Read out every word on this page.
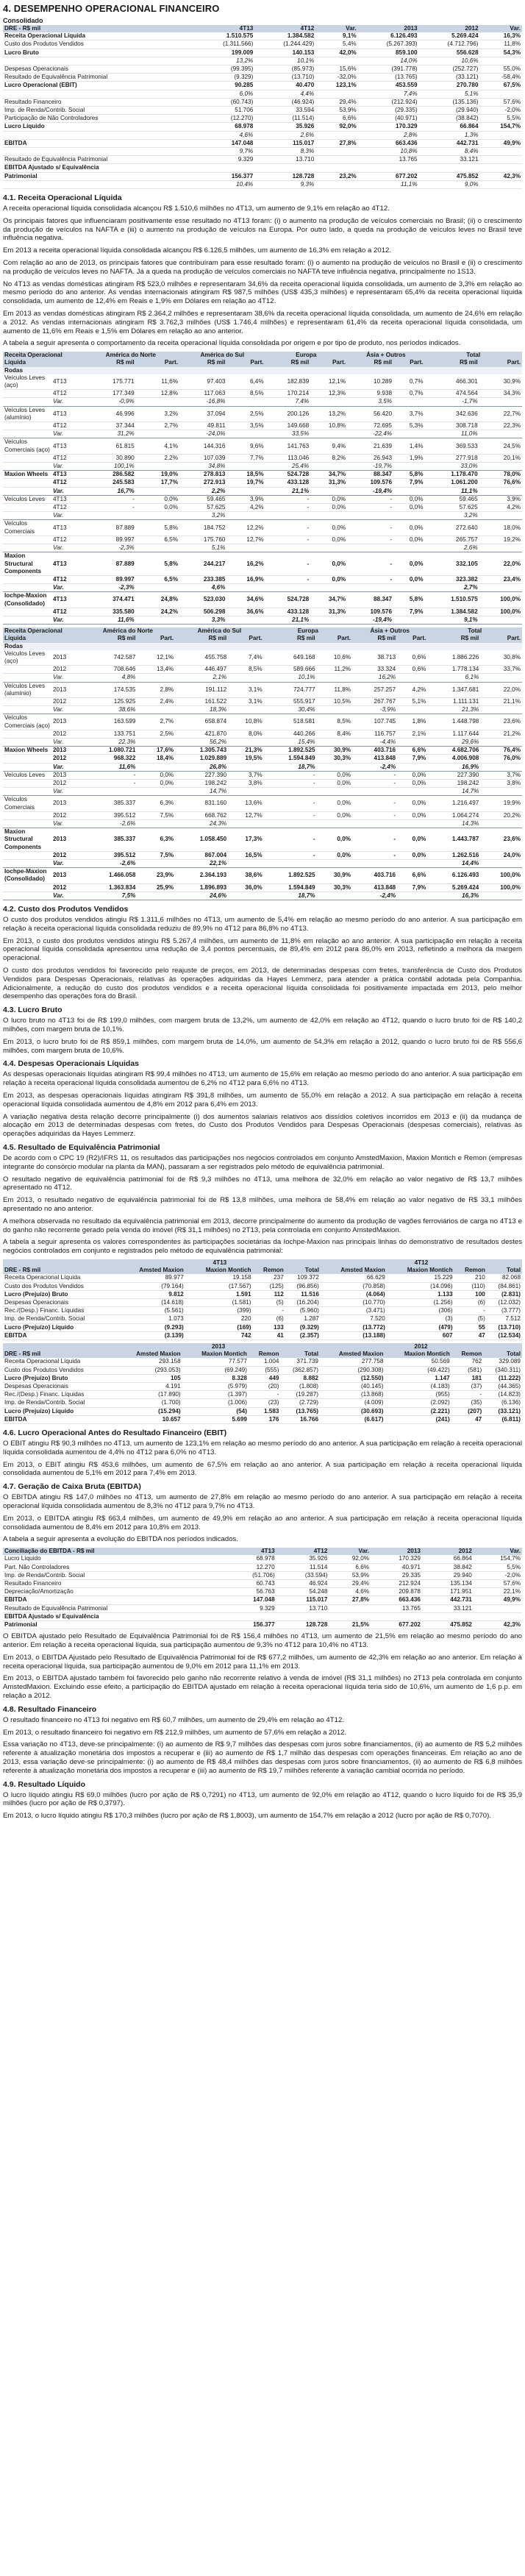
4. DESEMPENHO OPERACIONAL FINANCEIRO
Consolidado
DRE - R$ mil	4T13	4T12	Var.	2013	2012	Var.
Receita Operacional Líquida	1.510.575	1.384.582	9,1%	6.126.493	5.269.424	16,3%
Custo dos Produtos Vendidos	(1.311.566)	(1.244.429)	5,4%	(5.267.393)	(4.712.796)	11,8%
Lucro Bruto	199.009	140.153	42,0%	859.100	556.628	54,3%
	13,2%	10,1%		14,0%	10,6%	
Despesas Operacionais	(99.395)	(85.973)	15,6%	(391.778)	(252.727)	55,0%
Resultado de Equivalência Patrimonial	(9.329)	(13.710)	-32,0%	(13.765)	(33.121)	-58,4%
Lucro Operacional (EBIT)	90.285	40.470	123,1%	453.559	270.780	67,5%
	6,0%	4,4%		7,4%	5,1%	
Resultado Financeiro	(60.743)	(46.924)	29,4%	(212.924)	(135.136)	57,6%
Imp. de Renda/Contrib. Social	51.706	33.594	53,9%	(29.335)	(29.940)	-2,0%
Participação de Não Controladores	(12.270)	(11.514)	6,6%	(40.971)	(38.842)	5,5%
Lucro Líquido	68.978	35.926	92,0%	170.329	66.864	154,7%
	4,6%	2,6%		2,8%	1,3%	
EBITDA	147.048	115.017	27,8%	663.436	442.731	49,9%
	9,7%	8,3%		10,8%	8,4%	
Resultado de Equivalência Patrimonial	9.329	13.710		13.765	33.121	
EBITDA Ajustado s/ Equivalência						
Patrimonial	156.377	128.728	23,2%	677.202	475.852	42,3%
	10,4%	9,3%		11,1%	9,0%	
4.1. Receita Operacional Líquida

A receita operacional líquida consolidada alcançou R$ 1.510,6 milhões no 4T13, um aumento de 9,1% em relação ao 4T12.

Os principais fatores que influenciaram positivamente esse resultado no 4T13 foram: (i) o aumento na produção de veículos comerciais no Brasil; (ii) o crescimento da produção de veículos na NAFTA e (iii) o aumento na produção de veículos na Europa. Por outro lado, a queda na produção de veículos leves no Brasil teve influência negativa.

Em 2013 a receita operacional líquida consolidada alcançou R$ 6.126,5 milhões, um aumento de 16,3% em relação a 2012.

Com relação ao ano de 2013, os principais fatores que contribuíram para esse resultado foram: (i) o aumento na produção de veículos no Brasil e (ii) o crescimento na produção de veículos leves no NAFTA. Já a queda na produção de veículos comerciais no NAFTA teve influência negativa, principalmente no 1S13.

No 4T13 as vendas domésticas atingiram R$ 523,0 milhões e representaram 34,6% da receita operacional líquida consolidada, um aumento de 3,3% em relação ao mesmo período do ano anterior. As vendas internacionais atingiram R$ 987,5 milhões (US$ 435,3 milhões) e representaram 65,4% da receita operacional líquida consolidada, um aumento de 12,4% em Reais e 1,9% em Dólares em relação ao 4T12.

Em 2013 as vendas domésticas atingiram R$ 2.364,2 milhões e representaram 38,6% da receita operacional líquida consolidada, um aumento de 24,6% em relação a 2012. As vendas internacionais atingiram R$ 3.762,3 milhões (US$ 1.746,4 milhões) e representaram 61,4% da receita operacional líquida consolidada, um aumento de 11,6% em Reais e 1,5% em Dólares em relação ao ano anterior.

A tabela a seguir apresenta o comportamento da receita operacional líquida consolidada por origem e por tipo de produto, nos períodos indicados.

Receita Operacional		América do Norte		América do Sul		Europa		Ásia + Outros		Total	
Líquida		R$ mil	Part.	R$ mil	Part.	R$ mil	Part.	R$ mil	Part.	R$ mil	Part.
Rodas											
Veículos Leves (aço)	4T13	175.771	11,6%	97.403	6,4%	182.839	12,1%	10.289	0,7%	466.301	30,9%
	4T12	177.349	12,8%	117.063	8,5%	170.214	12,3%	9.938	0,7%	474.564	34,3%
	Var.	-0,9%		-16,8%		7,4%		3,5%		-1,7%	
Veículos Leves (alumínio)	4T13	46.996	3,2%	37.094	2,5%	200.126	13,2%	56.420	3,7%	342.636	22,7%
	4T12	37.344	2,7%	49.811	3,5%	149.668	10,8%	72.695	5,3%	308.718	22,3%
	Var.	31,2%		-24,0%		33,5%		-22,4%		11,0%	
Veículos Comerciais (aço)	4T13	61.815	4,1%	144.316	9,6%	141.763	9,4%	21.639	1,4%	369.533	24,5%
	4T12	30.890	2,2%	107.039	7,7%	113.046	8,2%	26.943	1,9%	277.918	20,1%
	Var.	100,1%		34,8%		25,4%		-19,7%		33,0%	
Maxion Wheels	4T13	286.582	19,0%	278.813	18,5%	524.728	34,7%	88.347	5,8%	1.178.470	78,0%
	4T12	245.583	17,7%	272.913	19,7%	433.128	31,3%	109.576	7,9%	1.061.200	76,6%
	Var.	16,7%		2,2%		21,1%		-19,4%		11,1%	
Veículos Leves	4T13	-	0,0%	59.465	3,9%	-	0,0%	-	0,0%	59.465	3,9%
	4T12	-	0,0%	57.625	4,2%	-	0,0%	-	0,0%	57.625	4,2%
	Var.			3,2%						3,2%	
Veículos Comerciais	4T13	87.889	5,8%	184.752	12,2%	-	0,0%	-	0,0%	272.640	18,0%
	4T12	89.997	6,5%	175.760	12,7%	-	0,0%	-	0,0%	265.757	19,2%
	Var.	-2,3%		5,1%						2,6%	
Maxion Structural Components	4T13	87.889	5,8%	244.217	16,2%	-	0,0%	-	0,0%	332.105	22,0%
	4T12	89.997	6,5%	233.385	16,9%	-	0,0%	-	0,0%	323.382	23,4%
	Var.	-2,3%		4,6%						2,7%	
Iochpe-Maxion (Consolidado)	4T13	374.471	24,8%	523.030	34,6%	524.728	34,7%	88.347	5,8%	1.510.575	100,0%
	4T12	335.580	24,2%	506.298	36,6%	433.128	31,3%	109.576	7,9%	1.384.582	100,0%
	Var.	11,6%		3,3%		21,1%		-19,4%		9,1%	
Receita Operacional		América do Norte		América do Sul		Europa		Ásia + Outros		Total	
Líquida		R$ mil	Part.	R$ mil	Part.	R$ mil	Part.	R$ mil	Part.	R$ mil	Part.
Rodas											
Veículos Leves (aço)	2013	742.587	12,1%	455.758	7,4%	649.168	10,6%	38.713	0,6%	1.886.226	30,8%
	2012	708.646	13,4%	446.497	8,5%	589.666	11,2%	33.324	0,6%	1.778.134	33,7%
	Var.	4,8%		2,1%		10,1%		16,2%		6,1%	
Veículos Leves (alumínio)	2013	174.535	2,8%	191.112	3,1%	724.777	11,8%	257.257	4,2%	1.347.681	22,0%
	2012	125.925	2,4%	161.522	3,1%	555.917	10,5%	267.767	5,1%	1.111.131	21,1%
	Var.	38,6%		18,3%		30,4%		-3,9%		21,3%	
Veículos Comerciais (aço)	2013	163.599	2,7%	658.874	10,8%	518.581	8,5%	107.745	1,8%	1.448.798	23,6%
	2012	133.751	2,5%	421.870	8,0%	440.266	8,4%	116.757	2,1%	1.117.644	21,2%
	Var.	22,3%		56,2%		15,4%		-4,4%		29,6%	
Maxion Wheels	2013	1.080.721	17,6%	1.305.743	21,3%	1.892.525	30,9%	403.716	6,6%	4.682.706	76,4%
	2012	968.322	18,4%	1.029.889	19,5%	1.594.849	30,3%	413.848	7,9%	4.006.908	76,0%
	Var.	11,6%		26,8%		18,7%		-2,4%		16,9%	
Veículos Leves	2013	-	0,0%	227.390	3,7%	-	0,0%	-	0,0%	227.390	3,7%
	2012	-	0,0%	198.242	3,8%	-	0,0%	-	0,0%	198.242	3,8%
	Var.			14,7%						14,7%	
Veículos Comerciais	2013	385.337	6,3%	831.160	13,6%	-	0,0%	-	0,0%	1.216.497	19,9%
	2012	395.512	7,5%	668.762	12,7%	-	0,0%	-	0,0%	1.064.274	20,2%
	Var.	-2,6%		24,3%						14,3%	
Maxion Structural Components	2013	385.337	6,3%	1.058.450	17,3%	-	0,0%	-	0,0%	1.443.787	23,6%
	2012	395.512	7,5%	867.004	16,5%	-	0,0%	-	0,0%	1.262.516	24,0%
	Var.	-2,6%		22,1%						14,4%	
Iochpe-Maxion (Consolidado)	2013	1.466.058	23,9%	2.364.193	38,6%	1.892.525	30,9%	403.716	6,6%	6.126.493	100,0%
	2012	1.363.834	25,9%	1.896.893	36,0%	1.594.849	30,3%	413.848	7,9%	5.269.424	100,0%
	Var.	7,5%		24,6%		18,7%		-2,4%		16,3%	
4.2. Custo dos Produtos Vendidos

O custo dos produtos vendidos atingiu R$ 1.311,6 milhões no 4T13, um aumento de 5,4% em relação ao mesmo período do ano anterior. A sua participação em relação à receita operacional líquida consolidada reduziu de 89,9% no 4T12 para 86,8% no 4T13.

Em 2013, o custo dos produtos vendidos atingiu R$ 5.267,4 milhões, um aumento de 11,8% em relação ao ano anterior. A sua participação em relação à receita operacional líquida consolidada apresentou uma redução de 3,4 pontos percentuais, de 89,4% em 2012 para 86,0% em 2013, refletindo a melhora da margem operacional.

O custo dos produtos vendidos foi favorecido pelo reajuste de preços, em 2013, de determinadas despesas com fretes, transferência de Custo dos Produtos Vendidos para Despesas Operacionais, relativas às operações adquiridas da Hayes Lemmerz, para atender a prática contábil adotada pela Companhia. Adicionalmente, a redução do custo dos produtos vendidos e a receita operacional líquida consolidada foi positivamente impactada em 2013, pelo melhor desempenho das operações fora do Brasil.

4.3. Lucro Bruto

O lucro bruto no 4T13 foi de R$ 199,0 milhões, com margem bruta de 13,2%, um aumento de 42,0% em relação ao 4T12, quando o lucro bruto foi de R$ 140,2 milhões, com margem bruta de 10,1%.

Em 2013, o lucro bruto foi de R$ 859,1 milhões, com margem bruta de 14,0%, um aumento de 54,3% em relação a 2012, quando o lucro bruto foi de R$ 556,6 milhões, com margem bruta de 10,6%.

4.4. Despesas Operacionais Líquidas

As despesas operacionais líquidas atingiram R$ 99,4 milhões no 4T13, um aumento de 15,6% em relação ao mesmo período do ano anterior. A sua participação em relação à receita operacional líquida consolidada aumentou de 6,2% no 4T12 para 6,6% no 4T13.

Em 2013, as despesas operacionais líquidas atingiram R$ 391,8 milhões, um aumento de 55,0% em relação a 2012. A sua participação em relação à receita operacional líquida consolidada aumentou de 4,8% em 2012 para 6,4% em 2013.

A variação negativa desta relação decorre principalmente (i) dos aumentos salariais relativos aos dissídios coletivos incorridos em 2013 e (ii) da mudança de alocação em 2013 de determinadas despesas com fretes, do Custo dos Produtos Vendidos para Despesas Operacionais (despesas comerciais), relativas às operações adquiridas da Hayes Lemmerz.

4.5. Resultado de Equivalência Patrimonial

De acordo com o CPC 19 (R2)/IFRS 11, os resultados das participações nos negócios controlados em conjunto AmstedMaxion, Maxion Montich e Remon (empresas integrante do consórcio modular na planta da MAN), passaram a ser registrados pelo método de equivalência patrimonial.

O resultado negativo de equivalência patrimonial foi de R$ 9,3 milhões no 4T13, uma melhora de 32,0% em relação ao valor negativo de R$ 13,7 milhões apresentado no 4T12.

Em 2013, o resultado negativo de equivalência patrimonial foi de R$ 13,8 milhões, uma melhora de 58,4% em relação ao valor negativo de R$ 33,1 milhões apresentado no ano anterior.

A melhora observada no resultado da equivalência patrimonial em 2013, decorre principalmente do aumento da produção de vagões ferroviários de carga no 4T13 e do ganho não recorrente gerado pela venda do imóvel (R$ 31,1 milhões) no 2T13, pela controlada em conjunto AmstedMaxion.

A tabela a seguir apresenta os valores correspondentes às participações societárias da Iochpe-Maxion nas principais linhas do demonstrativo de resultados destes negócios controlados em conjunto e registrados pelo método de equivalência patrimonial:

	4T13				4T12			
DRE - R$ mil	Amsted Maxion	Maxion Montich	Remon	Total	Amsted Maxion	Maxion Montich	Remon	Total
Receita Operacional Líquida	89.977	19.158	237	109.372	66.629	15.229	210	82.068
Custo dos Produtos Vendidos	(79.164)	(17.567)	(125)	(96.856)	(70.858)	(14.096)	(110)	(84.861)
Lucro (Prejuízo) Bruto	9.812	1.591	112	11.516	(4.064)	1.133	100	(2.831)
Despesas Operacionais	(14.618)	(1.581)	(5)	(16.204)	(10.770)	(1.256)	(6)	(12.032)
Rec./(Desp.) Financ. Líquidas	(5.561)	(399)	-	(5.960)	(3.471)	(306)	-	(3.777)
Imp. de Renda/Contrib. Social	1.073	220	(6)	1.287	7.520	(3)	(5)	7.512
Lucro (Prejuízo) Líquido	(9.293)	(169)	133	(9.329)	(13.772)	(479)	55	(13.710)
EBITDA	(3.139)	742	41	(2.357)	(13.188)	607	47	(12.534)
	2013				2012			
DRE - R$ mil	Amsted Maxion	Maxion Montich	Remon	Total	Amsted Maxion	Maxion Montich	Remon	Total
Receita Operacional Líquida	293.158	77.577	1.004	371.739	277.758	50.569	762	329.089
Custo dos Produtos Vendidos	(293.053)	(69.249)	(555)	(362.857)	(290.308)	(49.422)	(581)	(340.311)
Lucro (Prejuízo) Bruto	105	8.328	449	8.882	(12.550)	1.147	181	(11.222)
Despesas Operacionais	4.191	(5.979)	(20)	(1.808)	(40.145)	(4.183)	(37)	(44.365)
Rec./(Desp.) Financ. Líquidas	(17.890)	(1.397)	-	(19.287)	(13.868)	(955)	-	(14.823)
Imp. de Renda/Contrib. Social	(1.700)	(1.006)	(23)	(2.729)	(4.009)	(2.092)	(35)	(6.136)
Lucro (Prejuízo) Líquido	(15.294)	(54)	1.583	(13.765)	(30.693)	(2.221)	(207)	(33.121)
EBITDA	10.657	5.699	176	16.766	(6.617)	(241)	47	(6.811)
4.6. Lucro Operacional Antes do Resultado Financeiro (EBIT)

O EBIT atingiu R$ 90,3 milhões no 4T13, um aumento de 123,1% em relação ao mesmo período do ano anterior. A sua participação em relação à receita operacional líquida consolidada aumentou de 4,4% no 4T12 para 6,0% no 4T13.

Em 2013, o EBIT atingiu R$ 453,6 milhões, um aumento de 67,5% em relação ao ano anterior. A sua participação em relação à receita operacional líquida consolidada aumentou de 5,1% em 2012 para 7,4% em 2013.

4.7. Geração de Caixa Bruta (EBITDA)

O EBITDA atingiu R$ 147,0 milhões no 4T13, um aumento de 27,8% em relação ao mesmo período do ano anterior. A sua participação em relação à receita operacional líquida consolidada aumentou de 8,3% no 4T12 para 9,7% no 4T13.

Em 2013, o EBITDA atingiu R$ 663,4 milhões, um aumento de 49,9% em relação ao ano anterior. A sua participação em relação à receita operacional líquida consolidada aumentou de 8,4% em 2012 para 10,8% em 2013.

A tabela a seguir apresenta a evolução do EBITDA nos períodos indicados.

Conciliação do EBITDA - R$ mil	4T13	4T12	Var.	2013	2012	Var.
Lucro Líquido	68.978	35.926	92,0%	170.329	66.864	154,7%
Part. Não Controladores	12.270	11.514	6,6%	40.971	38.842	5,5%
Imp. de Renda/Contrib. Social	(51.706)	(33.594)	53,9%	29.335	29.940	-2,0%
Resultado Financeiro	60.743	46.924	29,4%	212.924	135.134	57,6%
Depreciação/Amortização	56.763	54.248	4,6%	209.878	171.951	22,1%
EBITDA	147.048	115.017	27,8%	663.436	442.731	49,9%
Resultado de Equivalência Patrimonial	9.329	13.710		13.765	33.121	
EBITDA Ajustado s/ Equivalência						
Patrimonial	156.377	128.728	21,5%	677.202	475.852	42,3%

O EBITDA ajustado pelo Resultado de Equivalência Patrimonial foi de R$ 156,4 milhões no 4T13, um aumento de 21,5% em relação ao mesmo período do ano anterior. Em relação à receita operacional líquida, sua participação aumentou de 9,3% no 4T12 para 10,4% no 4T13.

Em 2013, o EBITDA Ajustado pelo Resultado de Equivalência Patrimonial foi de R$ 677,2 milhões, um aumento de 42,3% em relação ao ano anterior. Em relação à receita operacional líquida, sua participação aumentou de 9,0% em 2012 para 11,1% em 2013.

Em 2013, o EBITDA ajustado também foi favorecido pelo ganho não recorrente relativo à venda de imóvel (R$ 31,1 milhões) no 2T13 pela controlada em conjunto AmstedMaxion. Excluindo esse efeito, a participação do EBITDA ajustado em relação à receita operacional líquida teria sido de 10,6%, um aumento de 1,6 p.p. em relação a 2012.

4.8. Resultado Financeiro

O resultado financeiro no 4T13 foi negativo em R$ 60,7 milhões, um aumento de 29,4% em relação ao 4T12.

Em 2013, o resultado financeiro foi negativo em R$ 212,9 milhões, um aumento de 57,6% em relação a 2012.

Essa variação no 4T13, deve-se principalmente: (i) ao aumento de R$ 9,7 milhões das despesas com juros sobre financiamentos, (ii) ao aumento de R$ 5,2 milhões referente à atualização monetária dos impostos a recuperar e (iii) ao aumento de R$ 1,7 milhão das despesas com operações financeiras. Em relação ao ano de 2013, essa variação deve-se principalmente: (i) ao aumento de R$ 48,4 milhões das despesas com juros sobre financiamentos, (ii) ao aumento de R$ 6,8 milhões referente à atualização monetária dos impostos a recuperar e (iii) ao aumento de R$ 19,7 milhões referente à variação cambial ocorrida no período.

4.9. Resultado Líquido

O lucro líquido atingiu R$ 69,0 milhões (lucro por ação de R$ 0,7291) no 4T13, um aumento de 92,0% em relação ao 4T12, quando o lucro líquido foi de R$ 35,9 milhões (lucro por ação de R$ 0,3797).

Em 2013, o lucro líquido atingiu R$ 170,3 milhões (lucro por ação de R$ 1,8003), um aumento de 154,7% em relação a 2012 (lucro por ação de R$ 0,7070).
